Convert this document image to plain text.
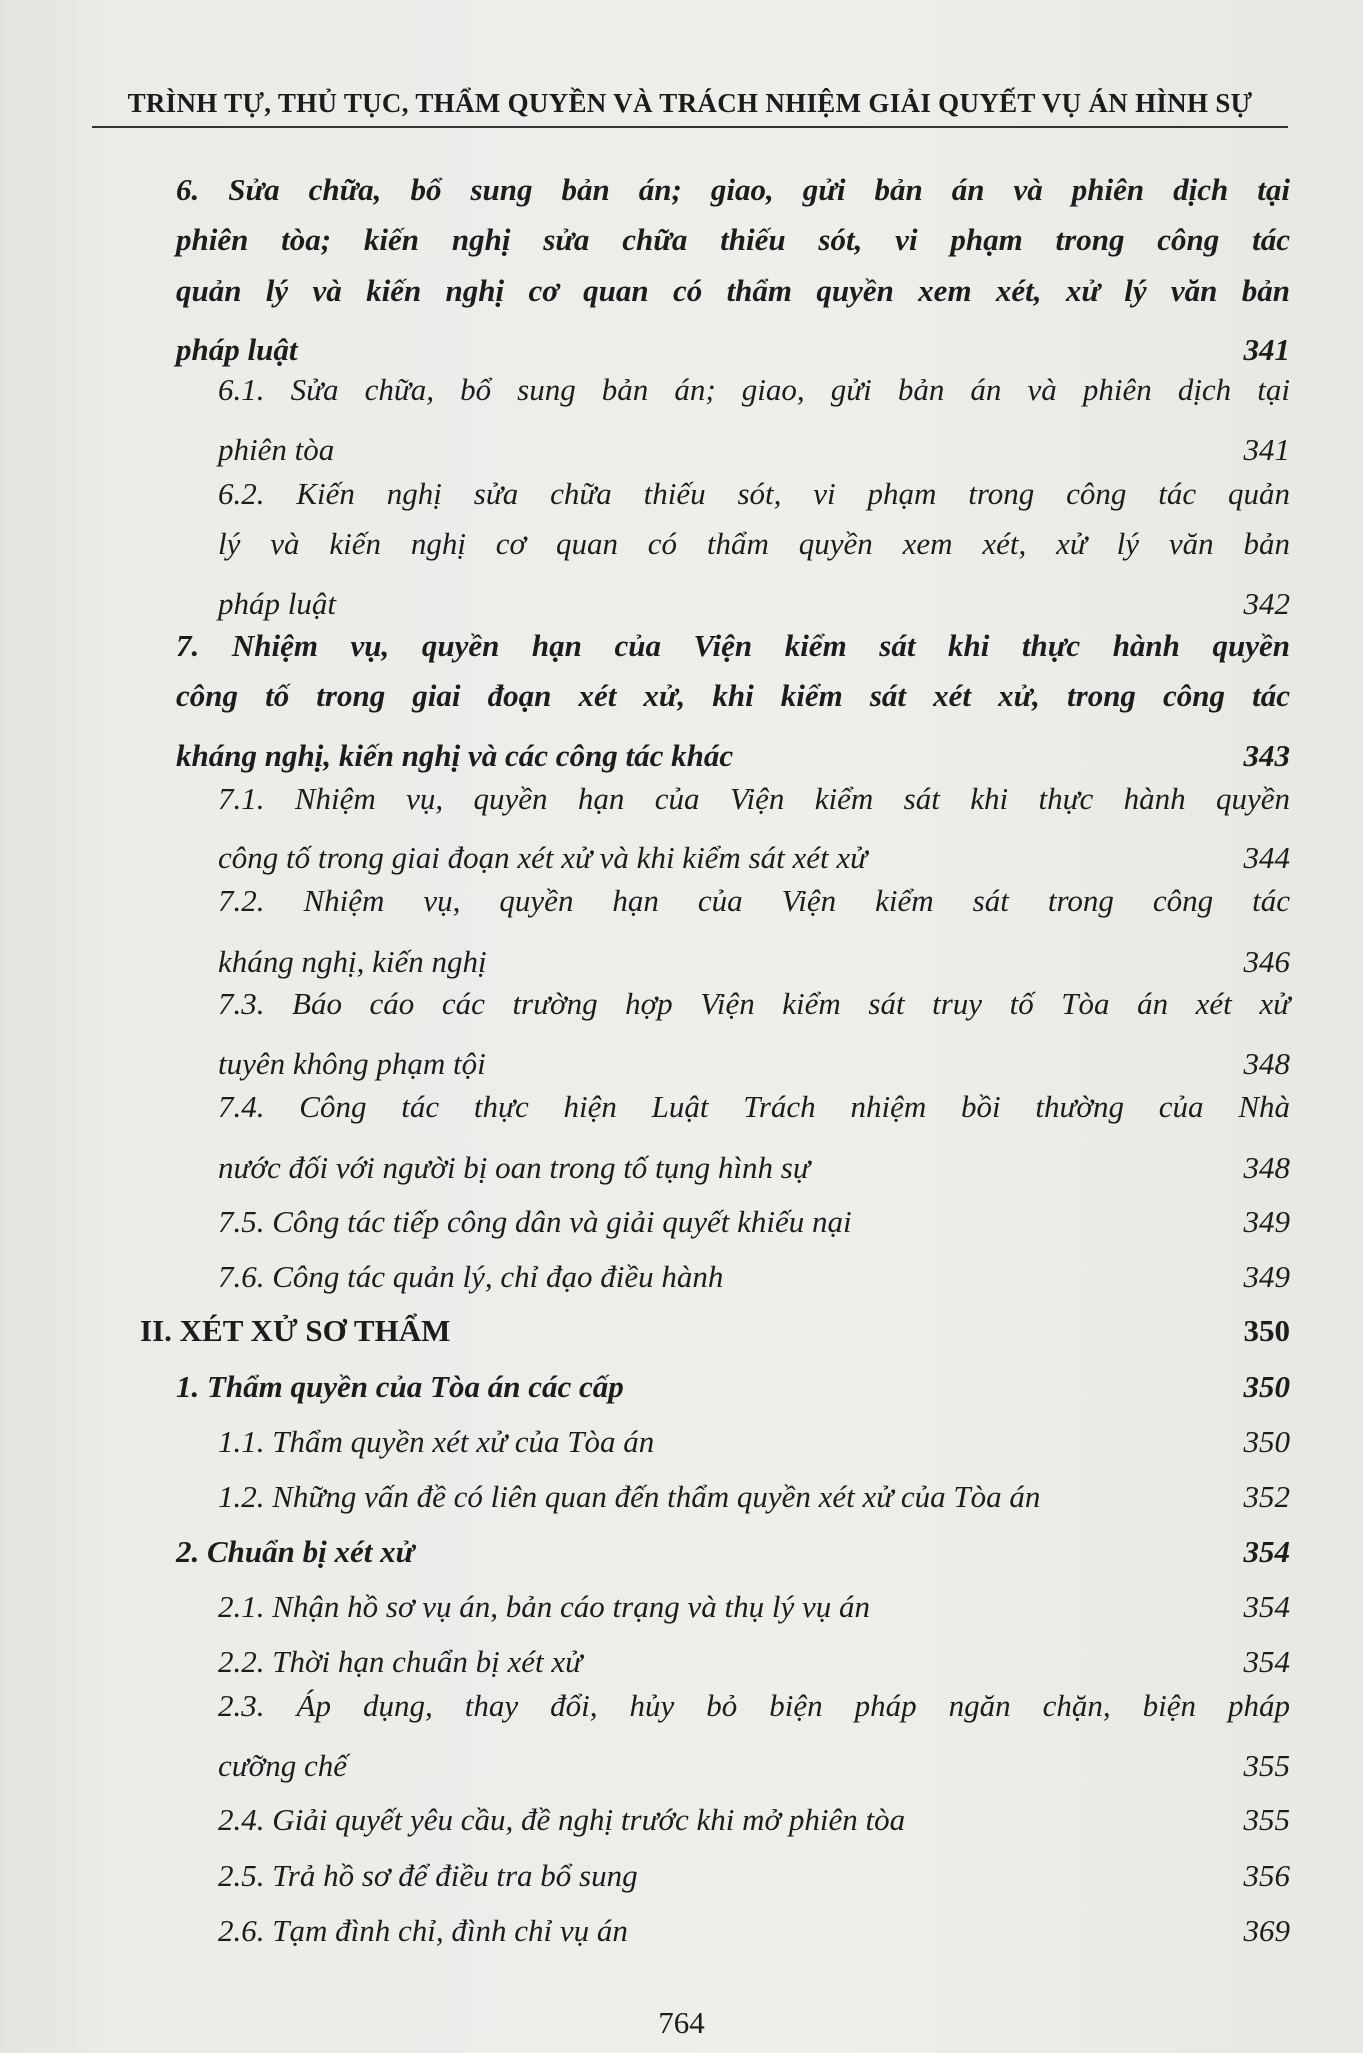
TRÌNH TỰ, THỦ TỤC, THẨM QUYỀN VÀ TRÁCH NHIỆM GIẢI QUYẾT VỤ ÁN HÌNH SỰ
6. Sửa chữa, bổ sung bản án; giao, gửi bản án và phiên dịch tại
phiên tòa; kiến nghị sửa chữa thiếu sót, vi phạm trong công tác
quản lý và kiến nghị cơ quan có thẩm quyền xem xét, xử lý văn bản
pháp luật	341
6.1. Sửa chữa, bổ sung bản án; giao, gửi bản án và phiên dịch tại
phiên tòa	341
6.2. Kiến nghị sửa chữa thiếu sót, vi phạm trong công tác quản
lý và kiến nghị cơ quan có thẩm quyền xem xét, xử lý văn bản
pháp luật	342
7. Nhiệm vụ, quyền hạn của Viện kiểm sát khi thực hành quyền
công tố trong giai đoạn xét xử, khi kiểm sát xét xử, trong công tác
kháng nghị, kiến nghị và các công tác khác	343
7.1. Nhiệm vụ, quyền hạn của Viện kiểm sát khi thực hành quyền
công tố trong giai đoạn xét xử và khi kiểm sát xét xử	344
7.2. Nhiệm vụ, quyền hạn của Viện kiểm sát trong công tác
kháng nghị, kiến nghị	346
7.3. Báo cáo các trường hợp Viện kiểm sát truy tố Tòa án xét xử
tuyên không phạm tội	348
7.4. Công tác thực hiện Luật Trách nhiệm bồi thường của Nhà
nước đối với người bị oan trong tố tụng hình sự	348
7.5. Công tác tiếp công dân và giải quyết khiếu nại	349
7.6. Công tác quản lý, chỉ đạo điều hành	349
II. XÉT XỬ SƠ THẨM	350
1. Thẩm quyền của Tòa án các cấp	350
1.1. Thẩm quyền xét xử của Tòa án	350
1.2. Những vấn đề có liên quan đến thẩm quyền xét xử của Tòa án	352
2. Chuẩn bị xét xử	354
2.1. Nhận hồ sơ vụ án, bản cáo trạng và thụ lý vụ án	354
2.2. Thời hạn chuẩn bị xét xử	354
2.3. Áp dụng, thay đổi, hủy bỏ biện pháp ngăn chặn, biện pháp
cưỡng chế	355
2.4. Giải quyết yêu cầu, đề nghị trước khi mở phiên tòa	355
2.5. Trả hồ sơ để điều tra bổ sung	356
2.6. Tạm đình chỉ, đình chỉ vụ án	369
764
